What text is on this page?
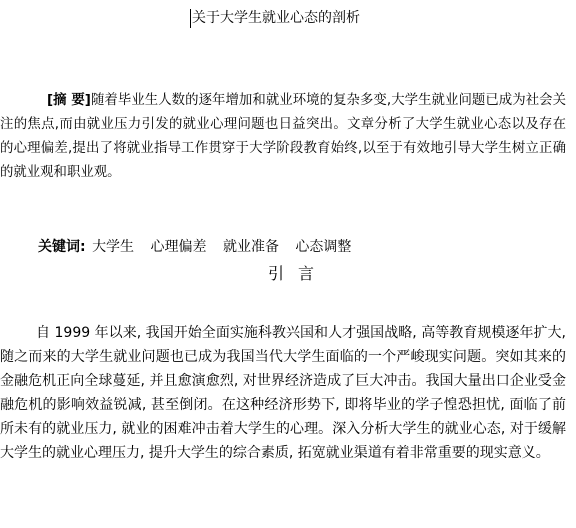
关于大学生就业心态的剖析

[摘 要]随着毕业生人数的逐年增加和就业环境的复杂多变,大学生就业问题已成为社会关注的焦点,而由就业压力引发的就业心理问题也日益突出。文章分析了大学生就业心态以及存在的心理偏差,提出了将就业指导工作贯穿于大学阶段教育始终,以至于有效地引导大学生树立正确的就业观和职业观。

关键词: 大学生 心理偏差 就业准备 心态调整
引言

自 1999 年以来, 我国开始全面实施科教兴国和人才强国战略, 高等教育规模逐年扩大, 随之而来的大学生就业问题也已成为我国当代大学生面临的一个严峻现实问题。突如其来的金融危机正向全球蔓延, 并且愈演愈烈, 对世界经济造成了巨大冲击。我国大量出口企业受金融危机的影响效益锐减, 甚至倒闭。在这种经济形势下, 即将毕业的学子惶恐担忧, 面临了前所未有的就业压力, 就业的困难冲击着大学生的心理。深入分析大学生的就业心态, 对于缓解大学生的就业心理压力, 提升大学生的综合素质, 拓宽就业渠道有着非常重要的现实意义。
